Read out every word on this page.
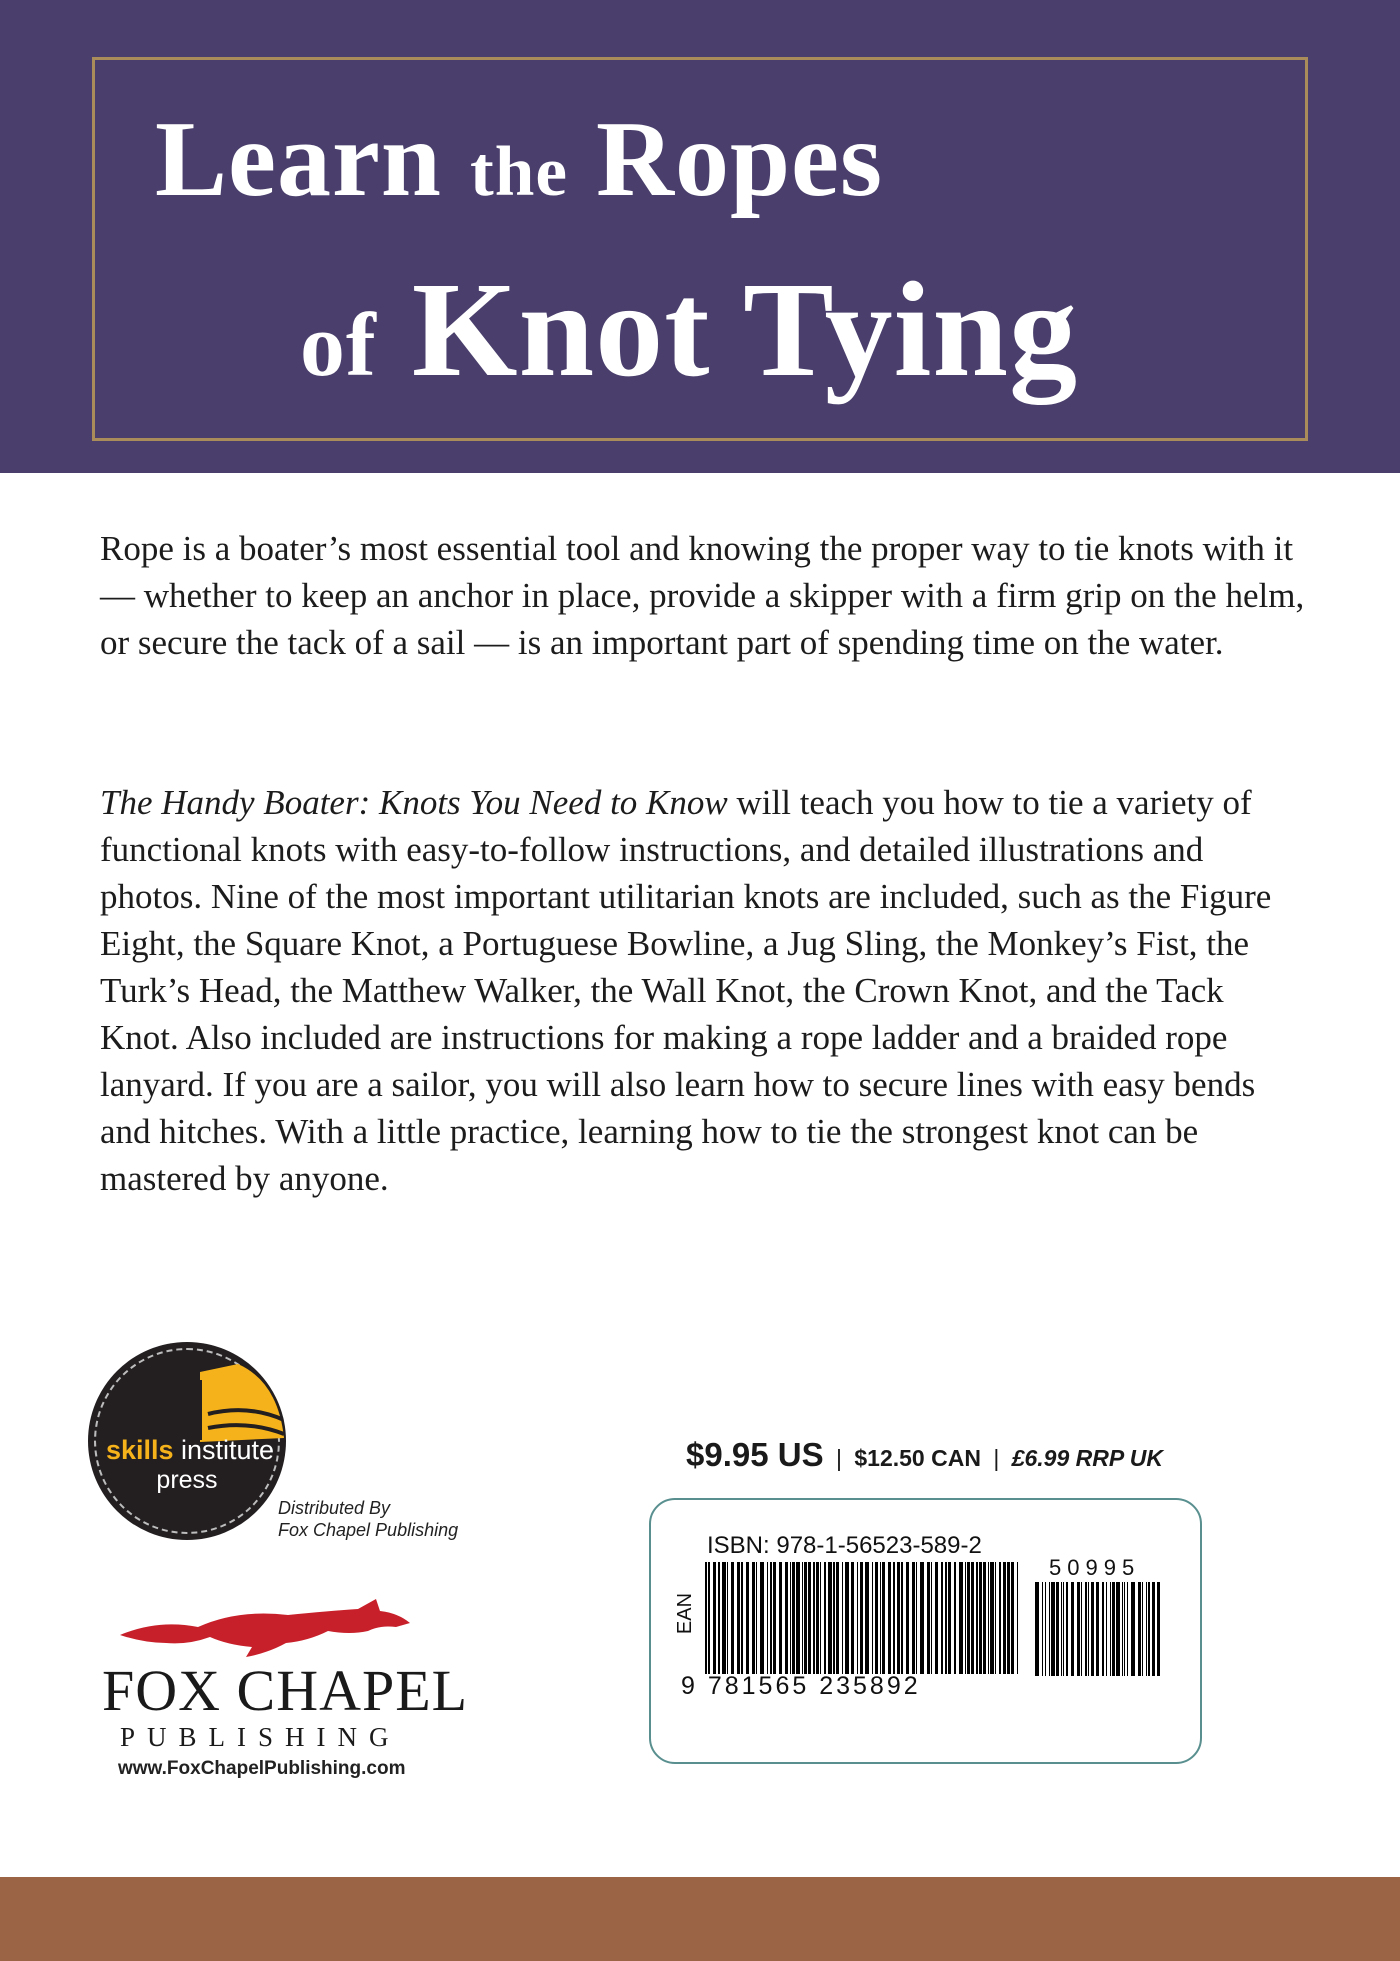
Learn the Ropes
of Knot Tying
Rope is a boater’s most essential tool and knowing the proper way to tie knots with it — whether to keep an anchor in place, provide a skipper with a firm grip on the helm, or secure the tack of a sail — is an important part of spending time on the water.
The Handy Boater: Knots You Need to Know will teach you how to tie a variety of functional knots with easy-to-follow instructions, and detailed illustrations and photos. Nine of the most important utilitarian knots are included, such as the Figure Eight, the Square Knot, a Portuguese Bowline, a Jug Sling, the Monkey’s Fist, the Turk’s Head, the Matthew Walker, the Wall Knot, the Crown Knot, and the Tack Knot. Also included are instructions for making a rope ladder and a braided rope lanyard. If you are a sailor, you will also learn how to secure lines with easy bends and hitches. With a little practice, learning how to tie the strongest knot can be mastered by anyone.
skills institute
press
Distributed By
Fox Chapel Publishing
FOX CHAPEL
PUBLISHING
www.FoxChapelPublishing.com
$9.95 US | $12.50 CAN | £6.99 RRP UK
ISBN: 978-1-56523-589-2
EAN
50995
9 781565 235892
